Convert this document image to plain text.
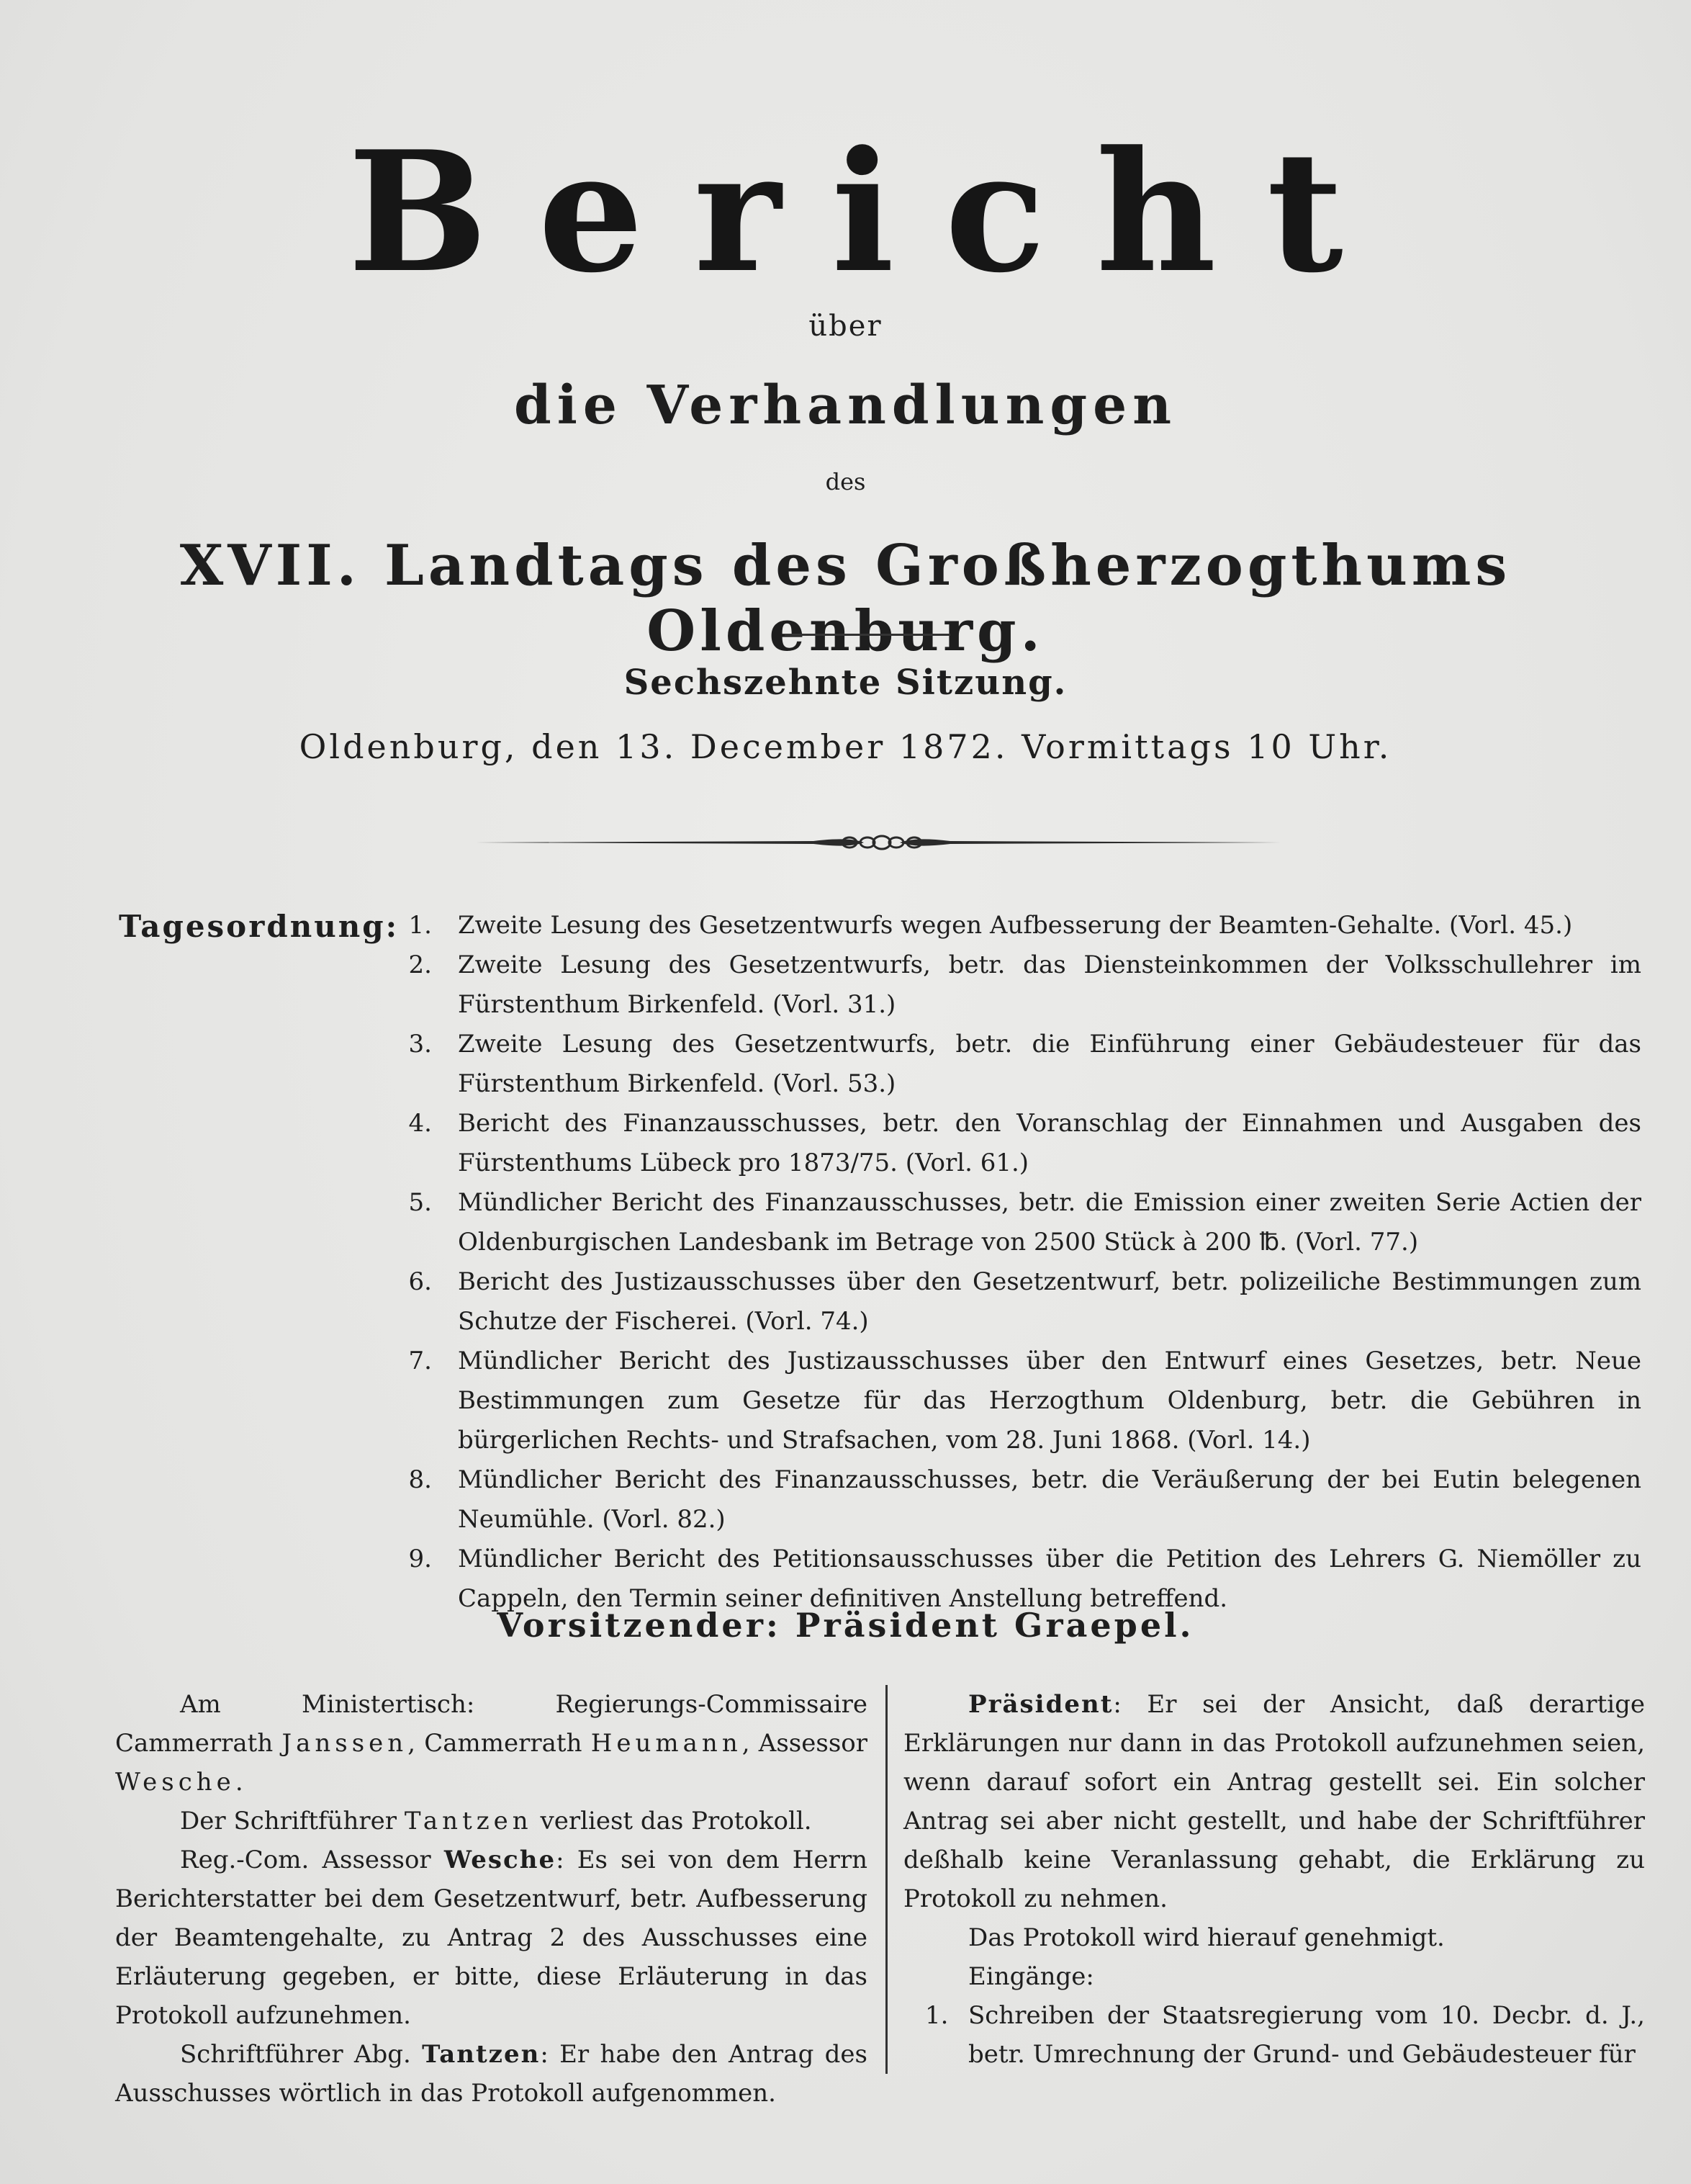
Bericht
über
die Verhandlungen
des
XVII. Landtags des Großherzogthums Oldenburg.
Sechszehnte Sitzung.
Oldenburg, den 13. December 1872. Vormittags 10 Uhr.
Tagesordnung: 1. Zweite Lesung des Gesetzentwurfs wegen Aufbesserung der Beamten-Gehalte. (Vorl. 45.)
2. Zweite Lesung des Gesetzentwurfs, betr. das Diensteinkommen der Volksschullehrer im Fürstenthum Birkenfeld. (Vorl. 31.)
3. Zweite Lesung des Gesetzentwurfs, betr. die Einführung einer Gebäudesteuer für das Fürstenthum Birkenfeld. (Vorl. 53.)
4. Bericht des Finanzausschusses, betr. den Voranschlag der Einnahmen und Ausgaben des Fürstenthums Lübeck pro 1873/75. (Vorl. 61.)
5. Mündlicher Bericht des Finanzausschusses, betr. die Emission einer zweiten Serie Actien der Oldenburgischen Landesbank im Betrage von 2500 Stück à 200 ℔. (Vorl. 77.)
6. Bericht des Justizausschusses über den Gesetzentwurf, betr. polizeiliche Bestimmungen zum Schutze der Fischerei. (Vorl. 74.)
7. Mündlicher Bericht des Justizausschusses über den Entwurf eines Gesetzes, betr. Neue Bestimmungen zum Gesetze für das Herzogthum Oldenburg, betr. die Gebühren in bürgerlichen Rechts- und Strafsachen, vom 28. Juni 1868. (Vorl. 14.)
8. Mündlicher Bericht des Finanzausschusses, betr. die Veräußerung der bei Eutin belegenen Neumühle. (Vorl. 82.)
9. Mündlicher Bericht des Petitionsausschusses über die Petition des Lehrers G. Niemöller zu Cappeln, den Termin seiner definitiven Anstellung betreffend.
Vorsitzender: Präsident Graepel.

Am Ministertisch: Regierungs-Commissaire Cammerrath Janssen, Cammerrath Heumann, Assessor Wesche.

Der Schriftführer Tantzen verliest das Protokoll.

Reg.-Com. Assessor Wesche: Es sei von dem Herrn Berichterstatter bei dem Gesetzentwurf, betr. Aufbesserung der Beamtengehalte, zu Antrag 2 des Ausschusses eine Erläuterung gegeben, er bitte, diese Erläuterung in das Protokoll aufzunehmen.

Schriftführer Abg. Tantzen: Er habe den Antrag des Ausschusses wörtlich in das Protokoll aufgenommen.

Präsident: Er sei der Ansicht, daß derartige Erklärungen nur dann in das Protokoll aufzunehmen seien, wenn darauf sofort ein Antrag gestellt sei. Ein solcher Antrag sei aber nicht gestellt, und habe der Schriftführer deßhalb keine Veranlassung gehabt, die Erklärung zu Protokoll zu nehmen.

Das Protokoll wird hierauf genehmigt.

Eingänge:

1. Schreiben der Staatsregierung vom 10. Decbr. d. J., betr. Umrechnung der Grund- und Gebäudesteuer für
